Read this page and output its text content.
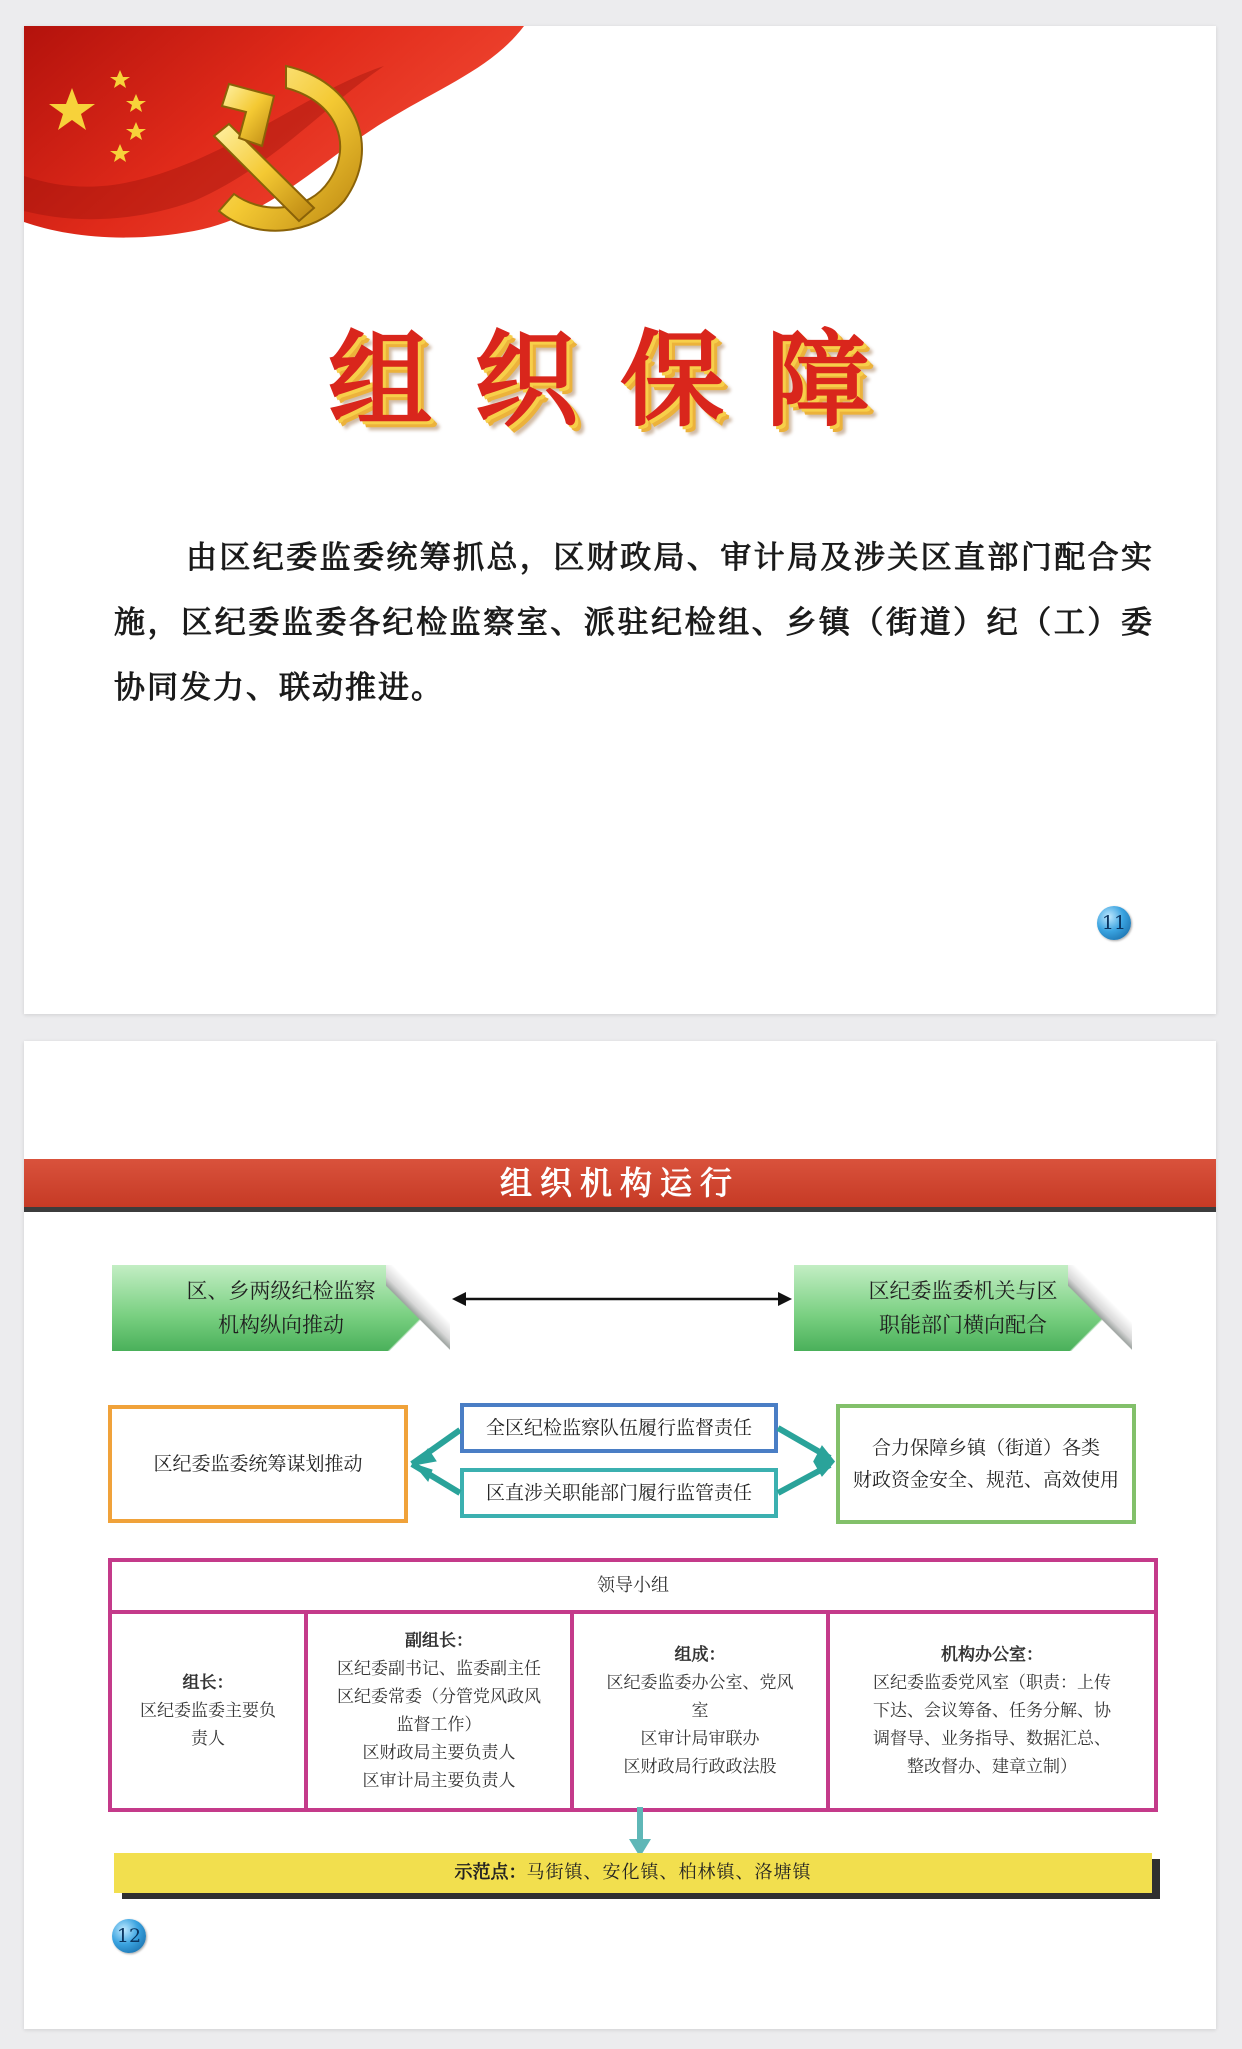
组织保障

由区纪委监委统筹抓总，区财政局、审计局及涉关区直部门配合实施，区纪委监委各纪检监察室、派驻纪检组、乡镇（街道）纪（工）委协同发力、联动推进。

11
组织机构运行
区、乡两级纪检监察
机构纵向推动
区纪委监委机关与区
职能部门横向配合
区纪委监委统筹谋划推动
全区纪检监察队伍履行监督责任
区直涉关职能部门履行监管责任
合力保障乡镇（街道）各类
财政资金安全、规范、高效使用
领导小组
组长：
区纪委监委主要负
责人
副组长：
区纪委副书记、监委副主任
区纪委常委（分管党风政风
监督工作）
区财政局主要负责人
区审计局主要负责人
组成：
区纪委监委办公室、党风
室
区审计局审联办
区财政局行政政法股
机构办公室：
区纪委监委党风室（职责：上传
下达、会议筹备、任务分解、协
调督导、业务指导、数据汇总、
整改督办、建章立制）
示范点：马街镇、安化镇、柏林镇、洛塘镇
12
